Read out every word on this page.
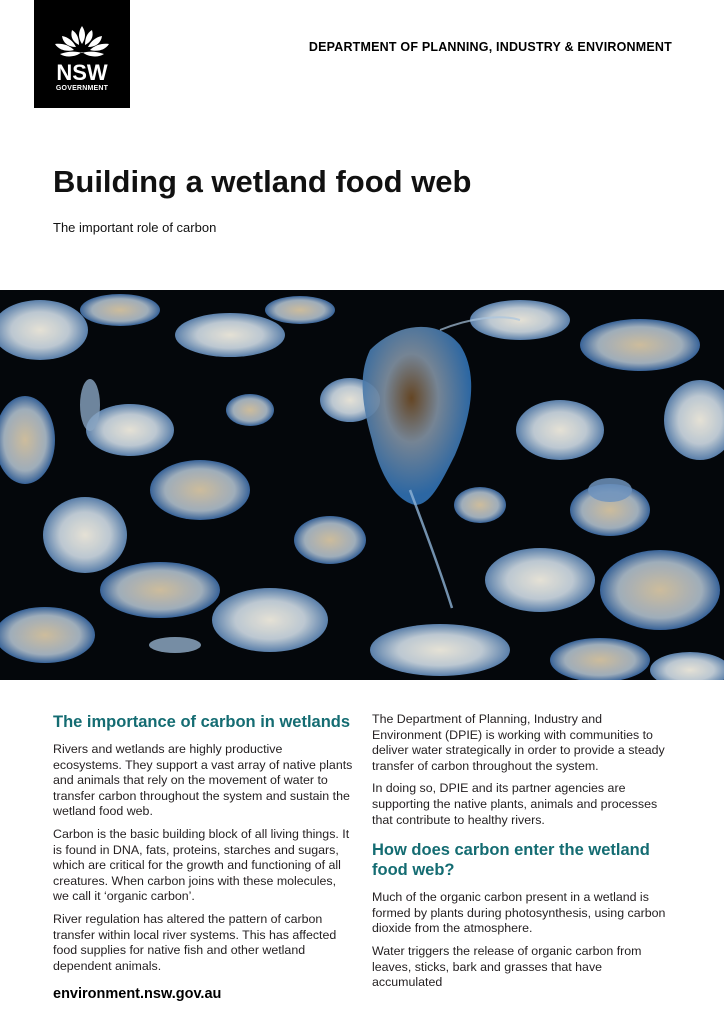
NSW
GOVERNMENT
DEPARTMENT OF PLANNING, INDUSTRY & ENVIRONMENT
Building a wetland food web
The important role of carbon
The importance of carbon in wetlands

Rivers and wetlands are highly productive ecosystems. They support a vast array of native plants and animals that rely on the movement of water to transfer carbon throughout the system and sustain the wetland food web.

Carbon is the basic building block of all living things. It is found in DNA, fats, proteins, starches and sugars, which are critical for the growth and functioning of all creatures. When carbon joins with these molecules, we call it ‘organic carbon’.

River regulation has altered the pattern of carbon transfer within local river systems. This has affected food supplies for native fish and other wetland dependent animals.

The Department of Planning, Industry and Environment (DPIE) is working with communities to deliver water strategically in order to provide a steady transfer of carbon throughout the system.

In doing so, DPIE and its partner agencies are supporting the native plants, animals and processes that contribute to healthy rivers.

How does carbon enter the wetland food web?

Much of the organic carbon present in a wetland is formed by plants during photosynthesis, using carbon dioxide from the atmosphere.

Water triggers the release of organic carbon from leaves, sticks, bark and grasses that have accumulated

environment.nsw.gov.au
